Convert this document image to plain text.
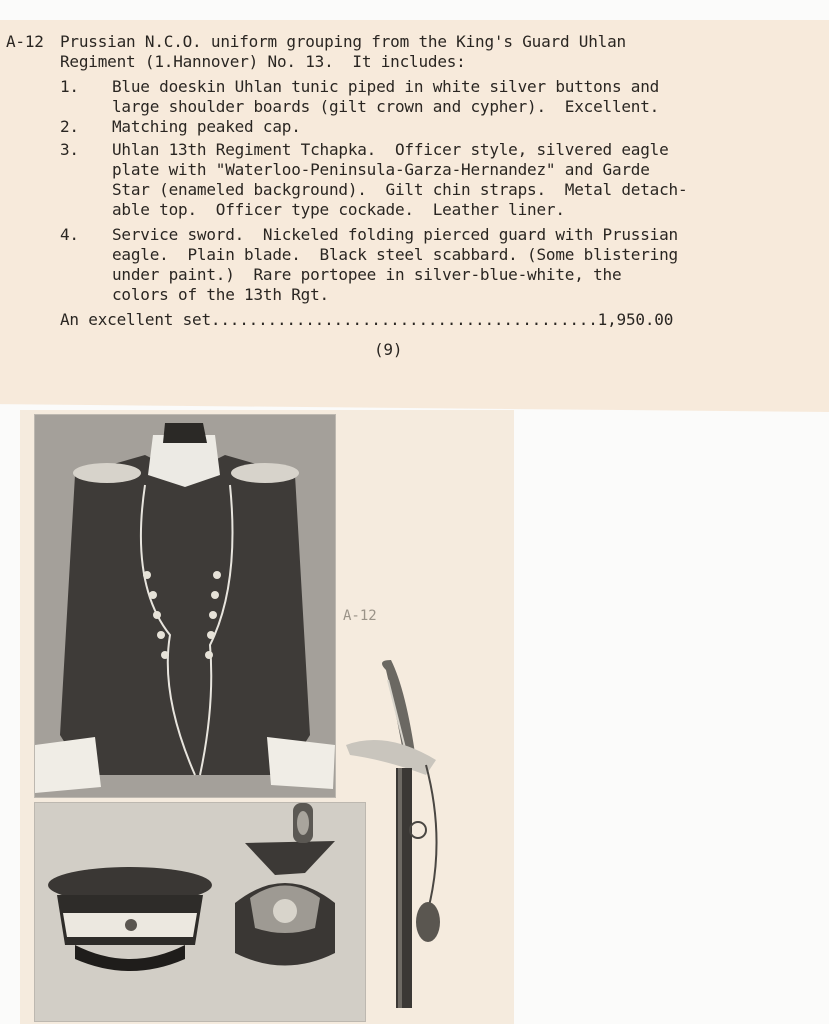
A-12 Prussian N.C.O. uniform grouping from the King's Guard Uhlan
Regiment (1.Hannover) No. 13.  It includes:
1. Blue doeskin Uhlan tunic piped in white silver buttons and
large shoulder boards (gilt crown and cypher).  Excellent.
2. Matching peaked cap.
3. Uhlan 13th Regiment Tchapka.  Officer style, silvered eagle
plate with "Waterloo-Peninsula-Garza-Hernandez" and Garde
Star (enameled background).  Gilt chin straps.  Metal detach-
able top.  Officer type cockade.  Leather liner.
4. Service sword.  Nickeled folding pierced guard with Prussian
eagle.  Plain blade.  Black steel scabbard. (Some blistering
under paint.)  Rare portopee in silver-blue-white, the
colors of the 13th Rgt.
An excellent set.........................................1,950.00
(9)
A-12
